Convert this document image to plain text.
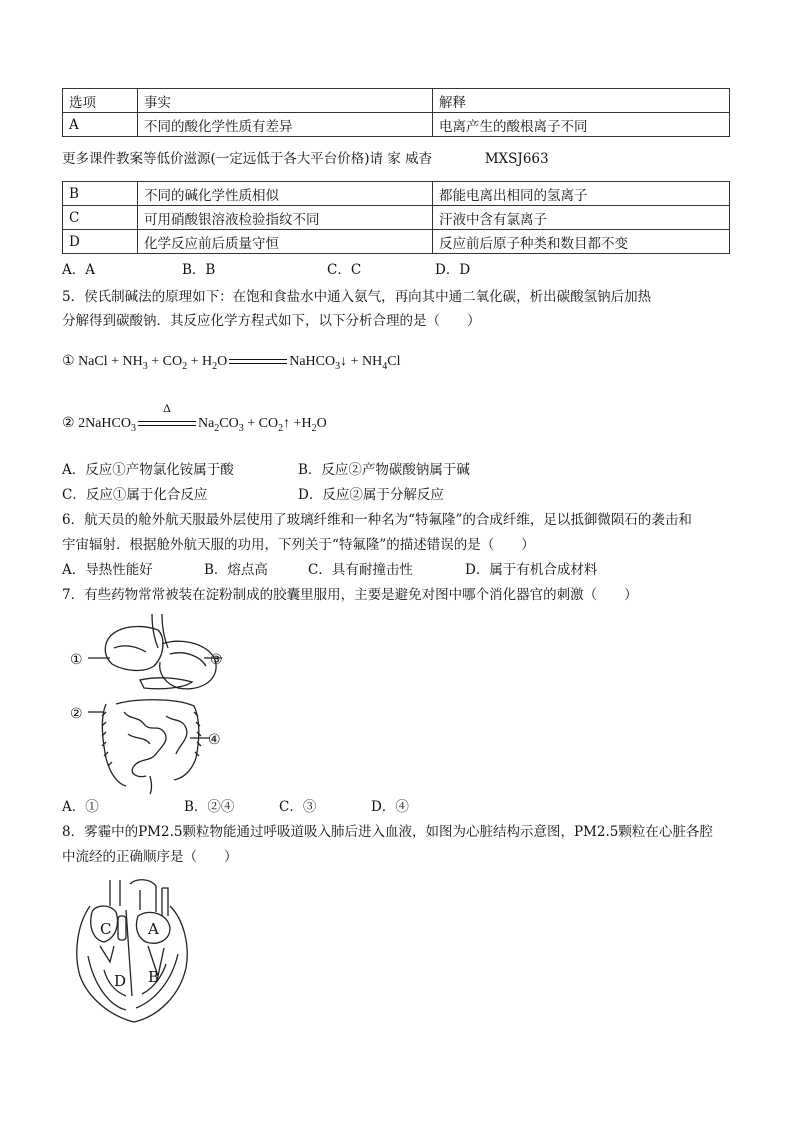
选项	事实	解释
A	不同的酸化学性质有差异	电离产生的酸根离子不同
更多课件教案等低价滋源(一定远低于各大平台价格)请 家 威杳	MXSJ663
B	不同的碱化学性质相似	都能电离出相同的氢离子
C	可用硝酸银溶液检验指纹不同	汗液中含有氯离子
D	化学反应前后质量守恒	反应前后原子种类和数目都不变
A．A	B．B	C．C	D．D
5．侯氏制碱法的原理如下：在饱和食盐水中通入氨气，再向其中通二氧化碳，析出碳酸氢钠后加热
分解得到碳酸钠．其反应化学方程式如下，以下分析合理的是（　　）
① NaCl + $NH_3 + CO_2 + H_2O$	NaHCO$_3$↓ + $NH_4Cl$
② 2NaHCO$_3$
Δ
$Na_2CO_3$ + $CO_2↑ +H_2O$
A．反应①产物氯化铵属于酸	B．反应②产物碳酸钠属于碱
C．反应①属于化合反应	D．反应②属于分解反应
6．航天员的舱外航天服最外层使用了玻璃纤维和一种名为“特氟隆”的合成纤维，足以抵御微陨石的袭击和
宇宙辐射．根据舱外航天服的功用，下列关于“特氟隆”的描述错误的是（　　）
A．导热性能好	B．熔点高	C．具有耐撞击性	D．属于有机合成材料
7．有些药物常常被装在淀粉制成的胶囊里服用，主要是避免对图中哪个消化器官的刺激（　　）
①	③
②
④
A．①	B．②④	C．③	D．④
8．雾霾中的PM2.5颗粒物能通过呼吸道吸入肺后进入血液，如图为心脏结构示意图，PM2.5颗粒在心脏各腔
中流经的正确顺序是（　　）
C A
D B
